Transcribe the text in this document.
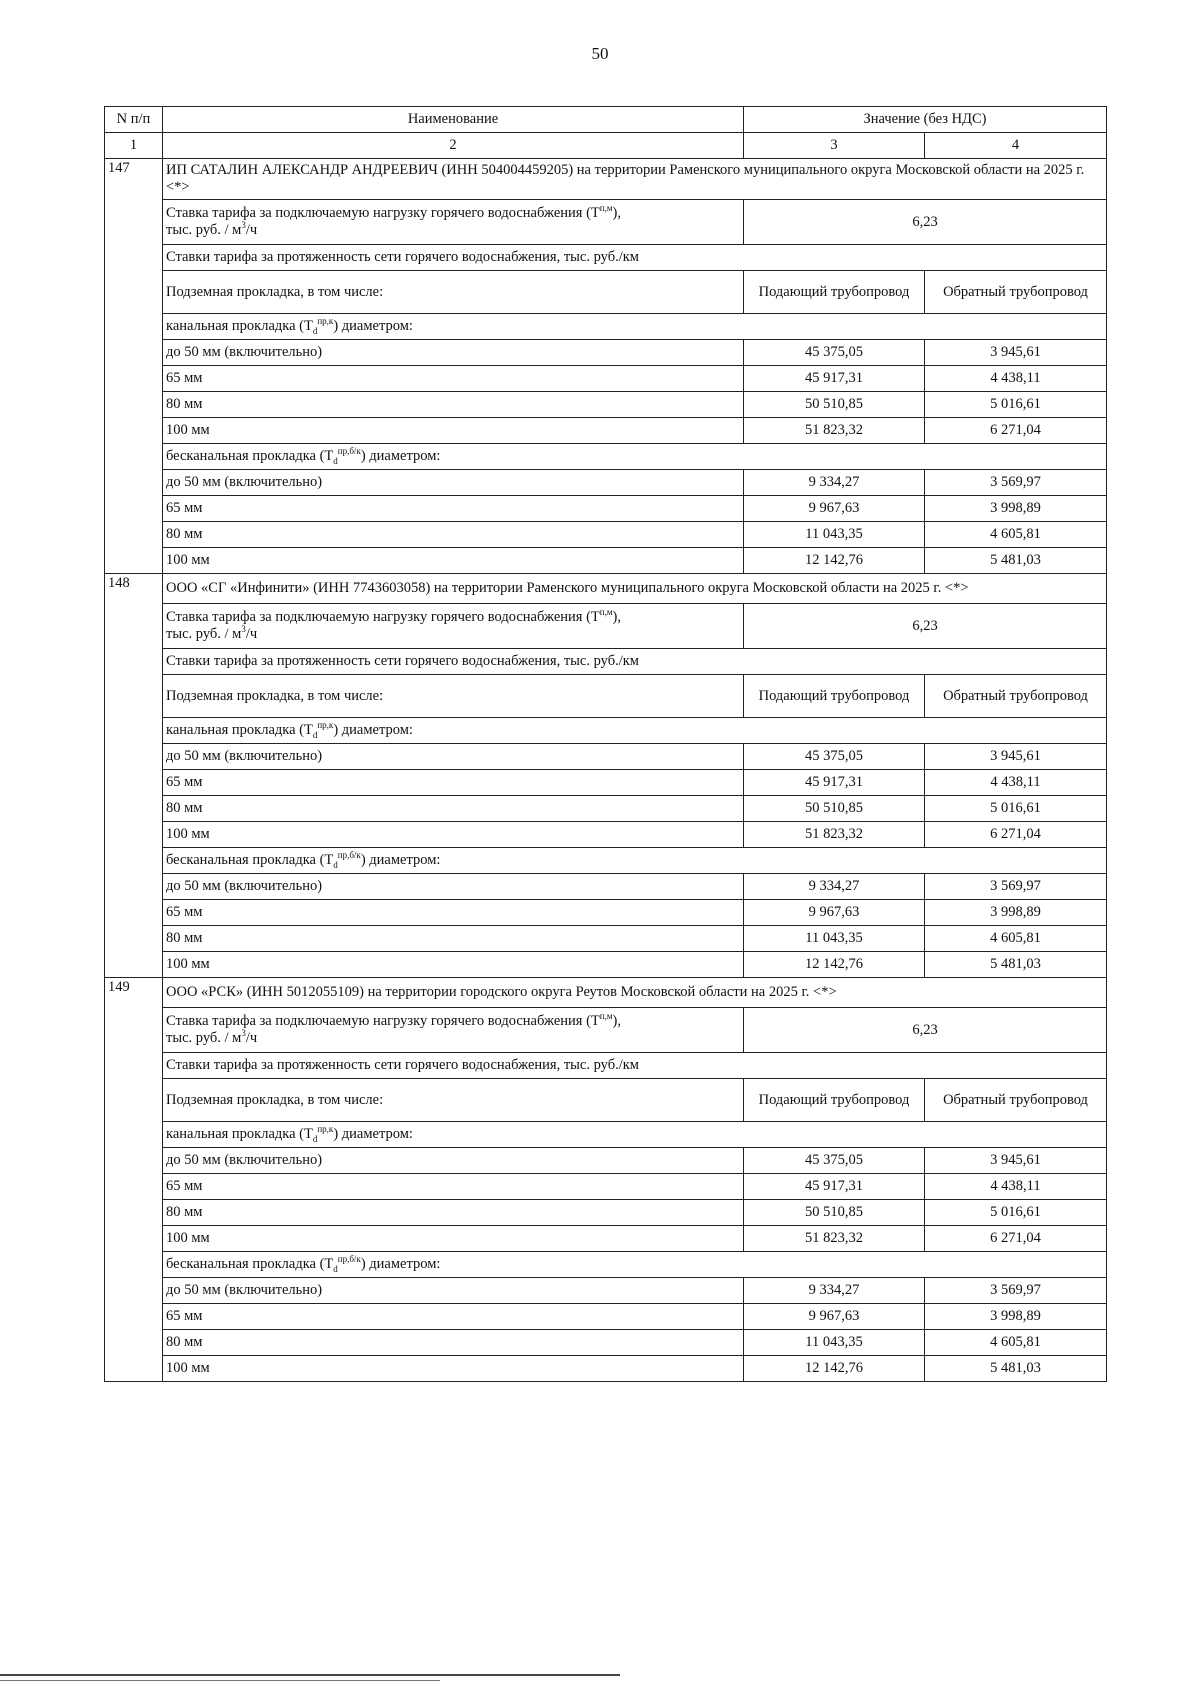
50
N п/п	Наименование	Значение (без НДС)	
1	2	3	4
147	ИП САТАЛИН АЛЕКСАНДР АНДРЕЕВИЧ (ИНН 504004459205) на территории Раменского муниципального округа Московской области на 2025 г. <*>		
	Ставка тарифа за подключаемую нагрузку горячего водоснабжения $(T^{п,м})$,
тыс. руб. / $м^3/ч$	6,23	
	Ставки тарифа за протяженность сети горячего водоснабжения, тыс. руб./км		
	Подземная прокладка, в том числе:	Подающий трубопровод	Обратный трубопровод
	канальная прокладка $(T_d^{пр,к})$ диаметром:		
	до 50 мм (включительно)	45 375,05	3 945,61
	65 мм	45 917,31	4 438,11
	80 мм	50 510,85	5 016,61
	100 мм	51 823,32	6 271,04
	бесканальная прокладка $(T_d^{пр,б/к})$ диаметром:		
	до 50 мм (включительно)	9 334,27	3 569,97
	65 мм	9 967,63	3 998,89
	80 мм	11 043,35	4 605,81
	100 мм	12 142,76	5 481,03
148	ООО «СГ «Инфинити» (ИНН 7743603058) на территории Раменского муниципального округа Московской области на 2025 г. <*>		
	Ставка тарифа за подключаемую нагрузку горячего водоснабжения $(T^{п,м})$,
тыс. руб. / $м^3/ч$	6,23	
	Ставки тарифа за протяженность сети горячего водоснабжения, тыс. руб./км		
	Подземная прокладка, в том числе:	Подающий трубопровод	Обратный трубопровод
	канальная прокладка $(T_d^{пр,к})$ диаметром:		
	до 50 мм (включительно)	45 375,05	3 945,61
	65 мм	45 917,31	4 438,11
	80 мм	50 510,85	5 016,61
	100 мм	51 823,32	6 271,04
	бесканальная прокладка $(T_d^{пр,б/к})$ диаметром:		
	до 50 мм (включительно)	9 334,27	3 569,97
	65 мм	9 967,63	3 998,89
	80 мм	11 043,35	4 605,81
	100 мм	12 142,76	5 481,03
149	ООО «РСК» (ИНН 5012055109) на территории городского округа Реутов Московской области на 2025 г. <*>		
	Ставка тарифа за подключаемую нагрузку горячего водоснабжения $(T^{п,м})$,
тыс. руб. / $м^3/ч$	6,23	
	Ставки тарифа за протяженность сети горячего водоснабжения, тыс. руб./км		
	Подземная прокладка, в том числе:	Подающий трубопровод	Обратный трубопровод
	канальная прокладка $(T_d^{пр,к})$ диаметром:		
	до 50 мм (включительно)	45 375,05	3 945,61
	65 мм	45 917,31	4 438,11
	80 мм	50 510,85	5 016,61
	100 мм	51 823,32	6 271,04
	бесканальная прокладка $(T_d^{пр,б/к})$ диаметром:		
	до 50 мм (включительно)	9 334,27	3 569,97
	65 мм	9 967,63	3 998,89
	80 мм	11 043,35	4 605,81
	100 мм	12 142,76	5 481,03
